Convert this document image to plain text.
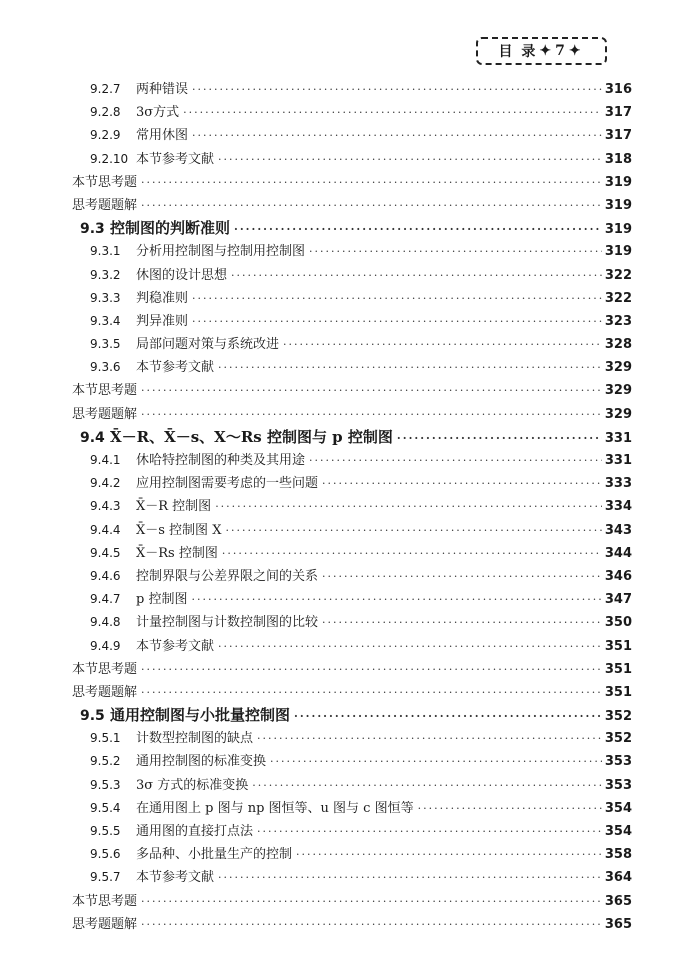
目 录 ✦ 7 ✦
9.2.7	两种错误 ·····	316
9.2.8	3σ方式 ·····	317
9.2.9	常用休图 ·····	317
9.2.10 本节参考文献 ·····	318
本节思考题 ·····	319
思考题题解 ·····	319
9.3 控制图的判断准则 ·····	319
9.3.1	分析用控制图与控制用控制图 ·····	319
9.3.2	休图的设计思想 ·····	322
9.3.3	判稳准则 ·····	322
9.3.4	判异准则 ·····	323
9.3.5	局部问题对策与系统改进 ·····	328
9.3.6	本节参考文献 ·····	329
本节思考题 ·····	329
思考题题解 ·····	329
9.4 X̄－R、X̄－s、X～Rs 控制图与 p 控制图 ·····	331
9.4.1	休哈特控制图的种类及其用途 ·····	331
9.4.2	应用控制图需要考虑的一些问题 ·····	333
9.4.3	X̄－R 控制图 ·····	334
9.4.4	X̄－s 控制图 X ·····	343
9.4.5	X̄－Rs 控制图 ·····	344
9.4.6	控制界限与公差界限之间的关系 ·····	346
9.4.7	p 控制图 ·····	347
9.4.8	计量控制图与计数控制图的比较 ·····	350
9.4.9	本节参考文献 ·····	351
本节思考题 ·····	351
思考题题解 ·····	351
9.5 通用控制图与小批量控制图 ·····	352
9.5.1	计数型控制图的缺点 ·····	352
9.5.2	通用控制图的标准变换 ·····	353
9.5.3	3σ 方式的标准变换 ·····	353
9.5.4	在通用图上 p 图与 np 图恒等、u 图与 c 图恒等 ·····	354
9.5.5	通用图的直接打点法 ·····	354
9.5.6	多品种、小批量生产的控制 ·····	358
9.5.7	本节参考文献 ·····	364
本节思考题 ·····	365
思考题题解 ·····	365
